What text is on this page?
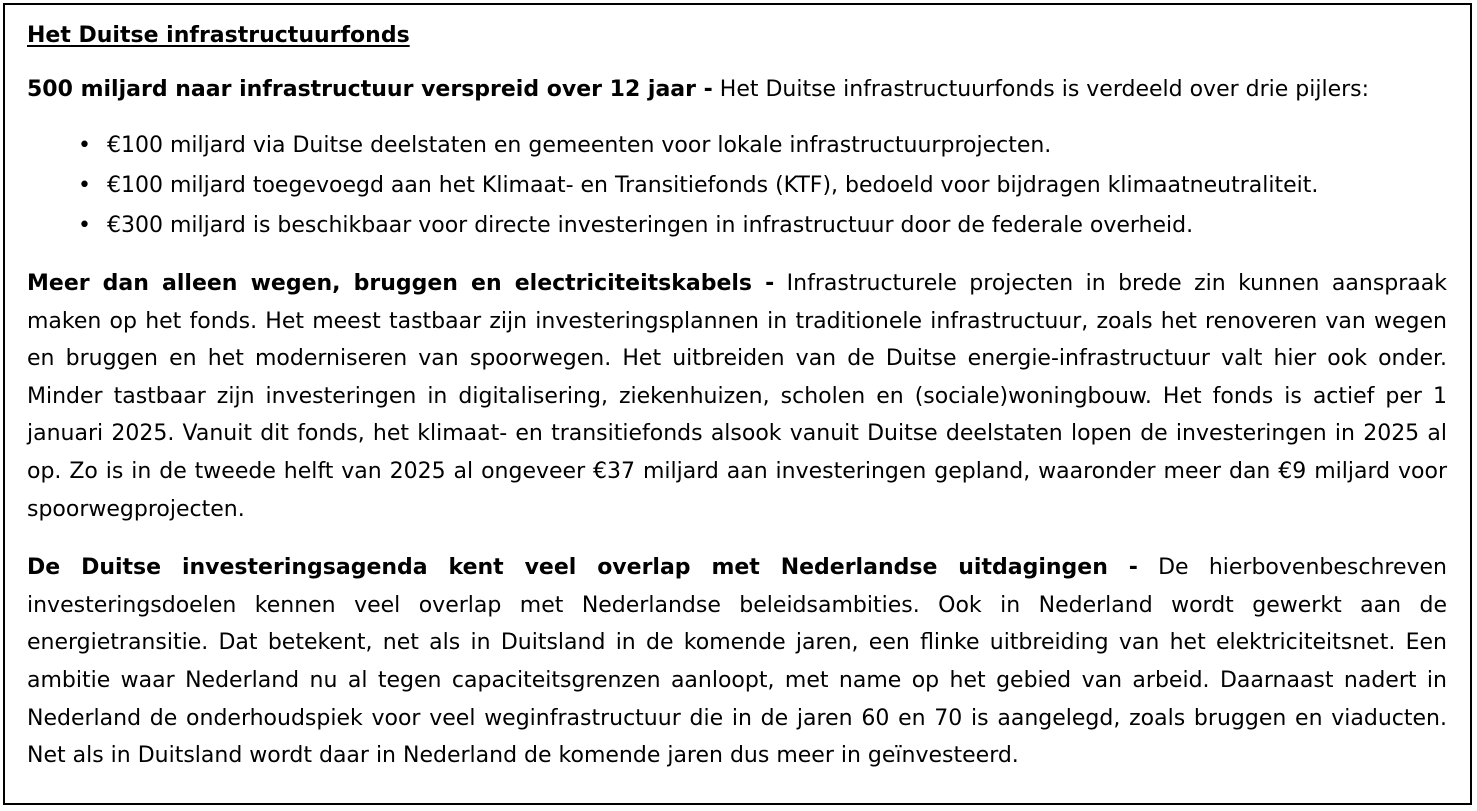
Het Duitse infrastructuurfonds

500 miljard naar infrastructuur verspreid over 12 jaar - Het Duitse infrastructuurfonds is verdeeld over drie pijlers:

• €100 miljard via Duitse deelstaten en gemeenten voor lokale infrastructuurprojecten.
• €100 miljard toegevoegd aan het Klimaat- en Transitiefonds (KTF), bedoeld voor bijdragen klimaatneutraliteit.
• €300 miljard is beschikbaar voor directe investeringen in infrastructuur door de federale overheid.

Meer dan alleen wegen, bruggen en electriciteitskabels - Infrastructurele projecten in brede zin kunnen aanspraak maken op het fonds. Het meest tastbaar zijn investeringsplannen in traditionele infrastructuur, zoals het renoveren van wegen en bruggen en het moderniseren van spoorwegen. Het uitbreiden van de Duitse energie-infrastructuur valt hier ook onder. Minder tastbaar zijn investeringen in digitalisering, ziekenhuizen, scholen en (sociale)woningbouw. Het fonds is actief per 1 januari 2025. Vanuit dit fonds, het klimaat- en transitiefonds alsook vanuit Duitse deelstaten lopen de investeringen in 2025 al op. Zo is in de tweede helft van 2025 al ongeveer €37 miljard aan investeringen gepland, waaronder meer dan €9 miljard voor spoorwegprojecten.

De Duitse investeringsagenda kent veel overlap met Nederlandse uitdagingen - De hierbovenbeschreven investeringsdoelen kennen veel overlap met Nederlandse beleidsambities. Ook in Nederland wordt gewerkt aan de energietransitie. Dat betekent, net als in Duitsland in de komende jaren, een flinke uitbreiding van het elektriciteitsnet. Een ambitie waar Nederland nu al tegen capaciteitsgrenzen aanloopt, met name op het gebied van arbeid. Daarnaast nadert in Nederland de onderhoudspiek voor veel weginfrastructuur die in de jaren 60 en 70 is aangelegd, zoals bruggen en viaducten. Net als in Duitsland wordt daar in Nederland de komende jaren dus meer in geïnvesteerd.
